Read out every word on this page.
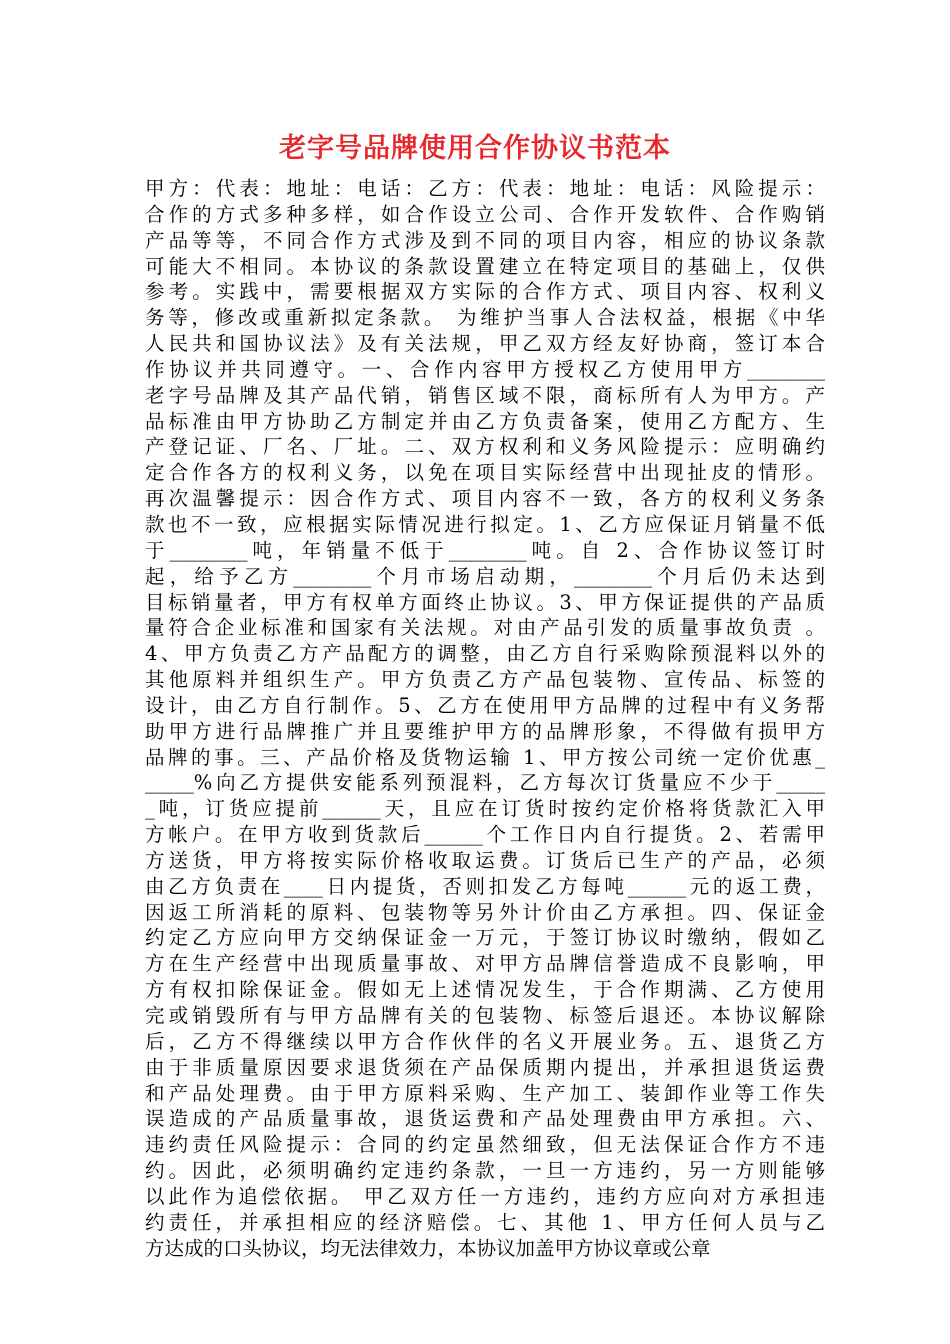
老字号品牌使用合作协议书范本
甲方：代表：地址：电话：乙方：代表：地址：电话：风险提示：
合作的方式多种多样，如合作设立公司、合作开发软件、合作购销
产品等等，不同合作方式涉及到不同的项目内容，相应的协议条款
可能大不相同。本协议的条款设置建立在特定项目的基础上，仅供
参考。实践中，需要根据双方实际的合作方式、项目内容、权利义
务等，修改或重新拟定条款。 为维护当事人合法权益，根据《中华
人民共和国协议法》及有关法规，甲乙双方经友好协商，签订本合
作协议并共同遵守。一、合作内容甲方授权乙方使用甲方________
老字号品牌及其产品代销，销售区域不限，商标所有人为甲方。产
品标准由甲方协助乙方制定并由乙方负责备案，使用乙方配方、生
产登记证、厂名、厂址。二、双方权利和义务风险提示：应明确约
定合作各方的权利义务，以免在项目实际经营中出现扯皮的情形。
再次温馨提示：因合作方式、项目内容不一致，各方的权利义务条
款也不一致，应根据实际情况进行拟定。1、乙方应保证月销量不低
于________吨，年销量不低于________吨。自 2、合作协议签订时
起，给予乙方________个月市场启动期，________个月后仍未达到
目标销量者，甲方有权单方面终止协议。3、甲方保证提供的产品质
量符合企业标准和国家有关法规。对由产品引发的质量事故负责 。
4、甲方负责乙方产品配方的调整，由乙方自行采购除预混料以外的
其他原料并组织生产。甲方负责乙方产品包装物、宣传品、标签的
设计，由乙方自行制作。5、乙方在使用甲方品牌的过程中有义务帮
助甲方进行品牌推广并且要维护甲方的品牌形象，不得做有损甲方
品牌的事。三、产品价格及货物运输 1、甲方按公司统一定价优惠_
_____%向乙方提供安能系列预混料，乙方每次订货量应不少于_____
_吨，订货应提前______天，且应在订货时按约定价格将货款汇入甲
方帐户。在甲方收到货款后______个工作日内自行提货。2、若需甲
方送货，甲方将按实际价格收取运费。订货后已生产的产品，必须
由乙方负责在____日内提货，否则扣发乙方每吨______元的返工费，
因返工所消耗的原料、包装物等另外计价由乙方承担。四、保证金
约定乙方应向甲方交纳保证金一万元，于签订协议时缴纳，假如乙
方在生产经营中出现质量事故、对甲方品牌信誉造成不良影响，甲
方有权扣除保证金。假如无上述情况发生，于合作期满、乙方使用
完或销毁所有与甲方品牌有关的包装物、标签后退还。本协议解除
后，乙方不得继续以甲方合作伙伴的名义开展业务。五、退货乙方
由于非质量原因要求退货须在产品保质期内提出，并承担退货运费
和产品处理费。由于甲方原料采购、生产加工、装卸作业等工作失
误造成的产品质量事故，退货运费和产品处理费由甲方承担。六、
违约责任风险提示：合同的约定虽然细致，但无法保证合作方不违
约。因此，必须明确约定违约条款，一旦一方违约，另一方则能够
以此作为追偿依据。 甲乙双方任一方违约，违约方应向对方承担违
约责任，并承担相应的经济赔偿。七、其他 1、甲方任何人员与乙
方达成的口头协议，均无法律效力，本协议加盖甲方协议章或公章
